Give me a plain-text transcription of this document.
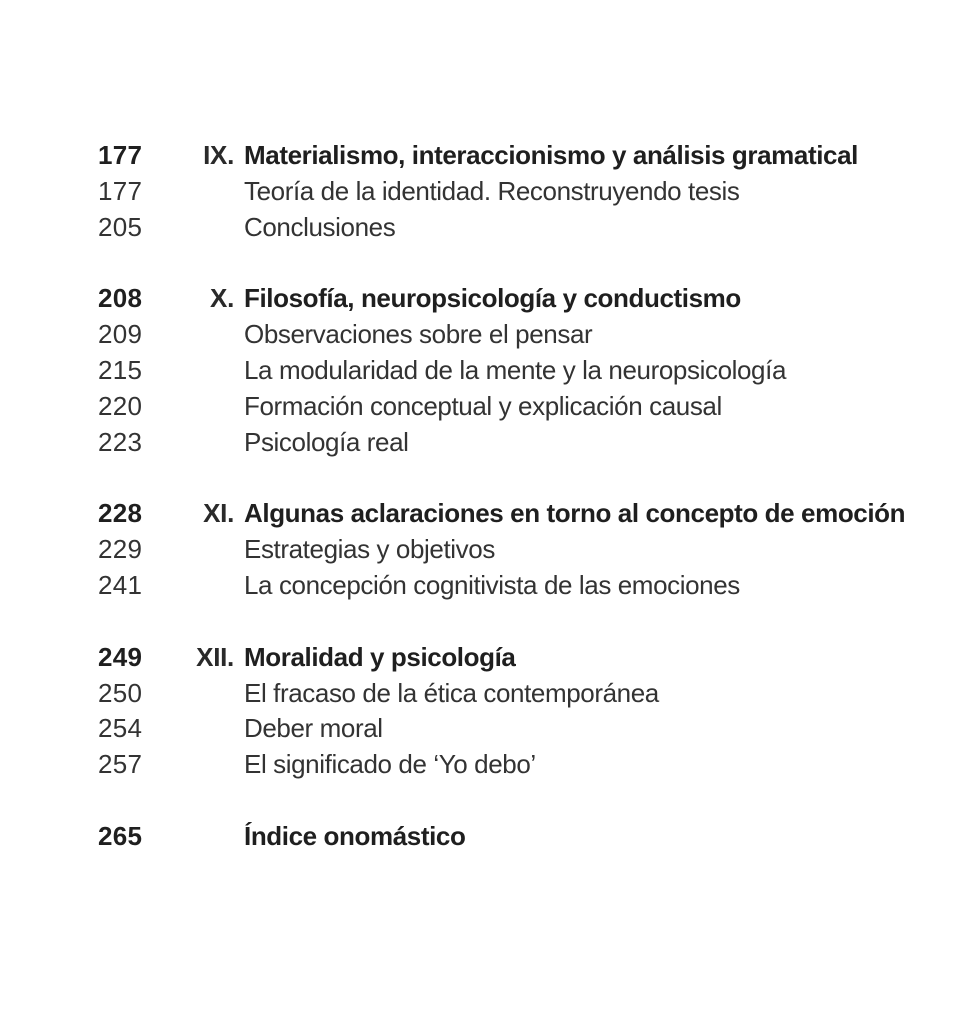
177	IX. Materialismo, interaccionismo y análisis gramatical
177	Teoría de la identidad. Reconstruyendo tesis
205	Conclusiones
208	X. Filosofía, neuropsicología y conductismo
209	Observaciones sobre el pensar
215	La modularidad de la mente y la neuropsicología
220	Formación conceptual y explicación causal
223	Psicología real
228	XI. Algunas aclaraciones en torno al concepto de emoción
229	Estrategias y objetivos
241	La concepción cognitivista de las emociones
249	XII. Moralidad y psicología
250	El fracaso de la ética contemporánea
254	Deber moral
257	El significado de ‘Yo debo’
265	Índice onomástico
